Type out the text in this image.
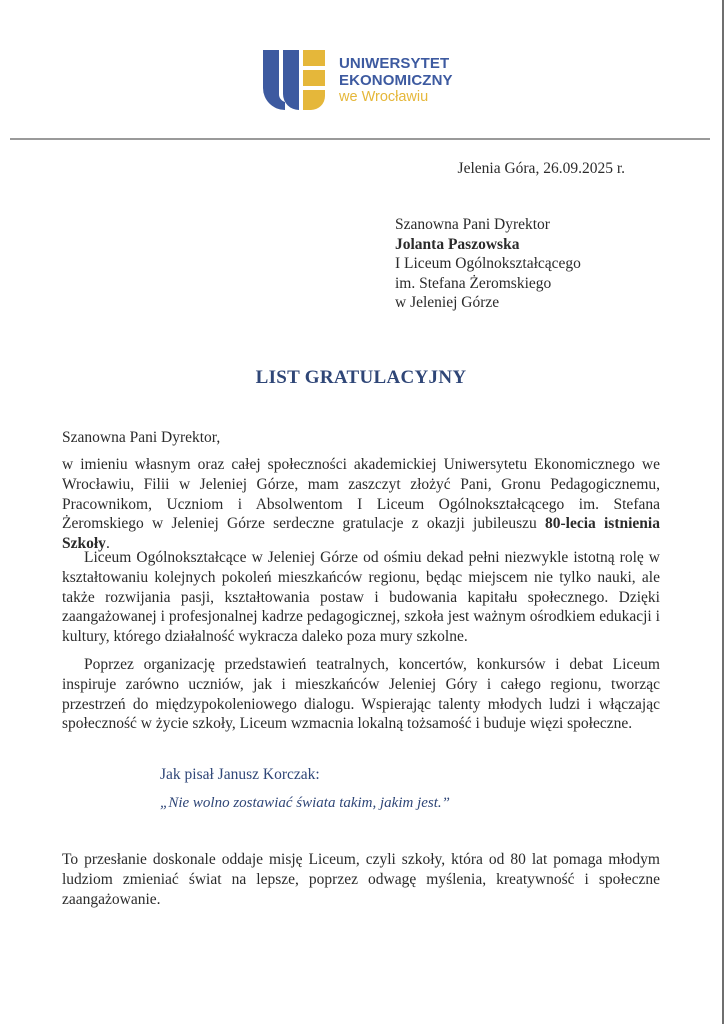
UNIWERSYTET
EKONOMICZNY
we Wrocławiu
Jelenia Góra, 26.09.2025 r.
Szanowna Pani Dyrektor
Jolanta Paszowska
I Liceum Ogólnokształcącego
im. Stefana Żeromskiego
w Jeleniej Górze
LIST GRATULACYJNY

Szanowna Pani Dyrektor,

w imieniu własnym oraz całej społeczności akademickiej Uniwersytetu Ekonomicznego we Wrocławiu, Filii w Jeleniej Górze, mam zaszczyt złożyć Pani, Gronu Pedagogicznemu, Pracownikom, Uczniom i Absolwentom I Liceum Ogólnokształcącego im. Stefana Żeromskiego w Jeleniej Górze serdeczne gratulacje z okazji jubileuszu 80-lecia istnienia Szkoły.

Liceum Ogólnokształcące w Jeleniej Górze od ośmiu dekad pełni niezwykle istotną rolę w kształtowaniu kolejnych pokoleń mieszkańców regionu, będąc miejscem nie tylko nauki, ale także rozwijania pasji, kształtowania postaw i budowania kapitału społecznego. Dzięki zaangażowanej i profesjonalnej kadrze pedagogicznej, szkoła jest ważnym ośrodkiem edukacji i kultury, którego działalność wykracza daleko poza mury szkolne.

Poprzez organizację przedstawień teatralnych, koncertów, konkursów i debat Liceum inspiruje zarówno uczniów, jak i mieszkańców Jeleniej Góry i całego regionu, tworząc przestrzeń do międzypokoleniowego dialogu. Wspierając talenty młodych ludzi i włączając społeczność w życie szkoły, Liceum wzmacnia lokalną tożsamość i buduje więzi społeczne.

Jak pisał Janusz Korczak:
„Nie wolno zostawiać świata takim, jakim jest.”

To przesłanie doskonale oddaje misję Liceum, czyli szkoły, która od 80 lat pomaga młodym ludziom zmieniać świat na lepsze, poprzez odwagę myślenia, kreatywność i społeczne zaangażowanie.
